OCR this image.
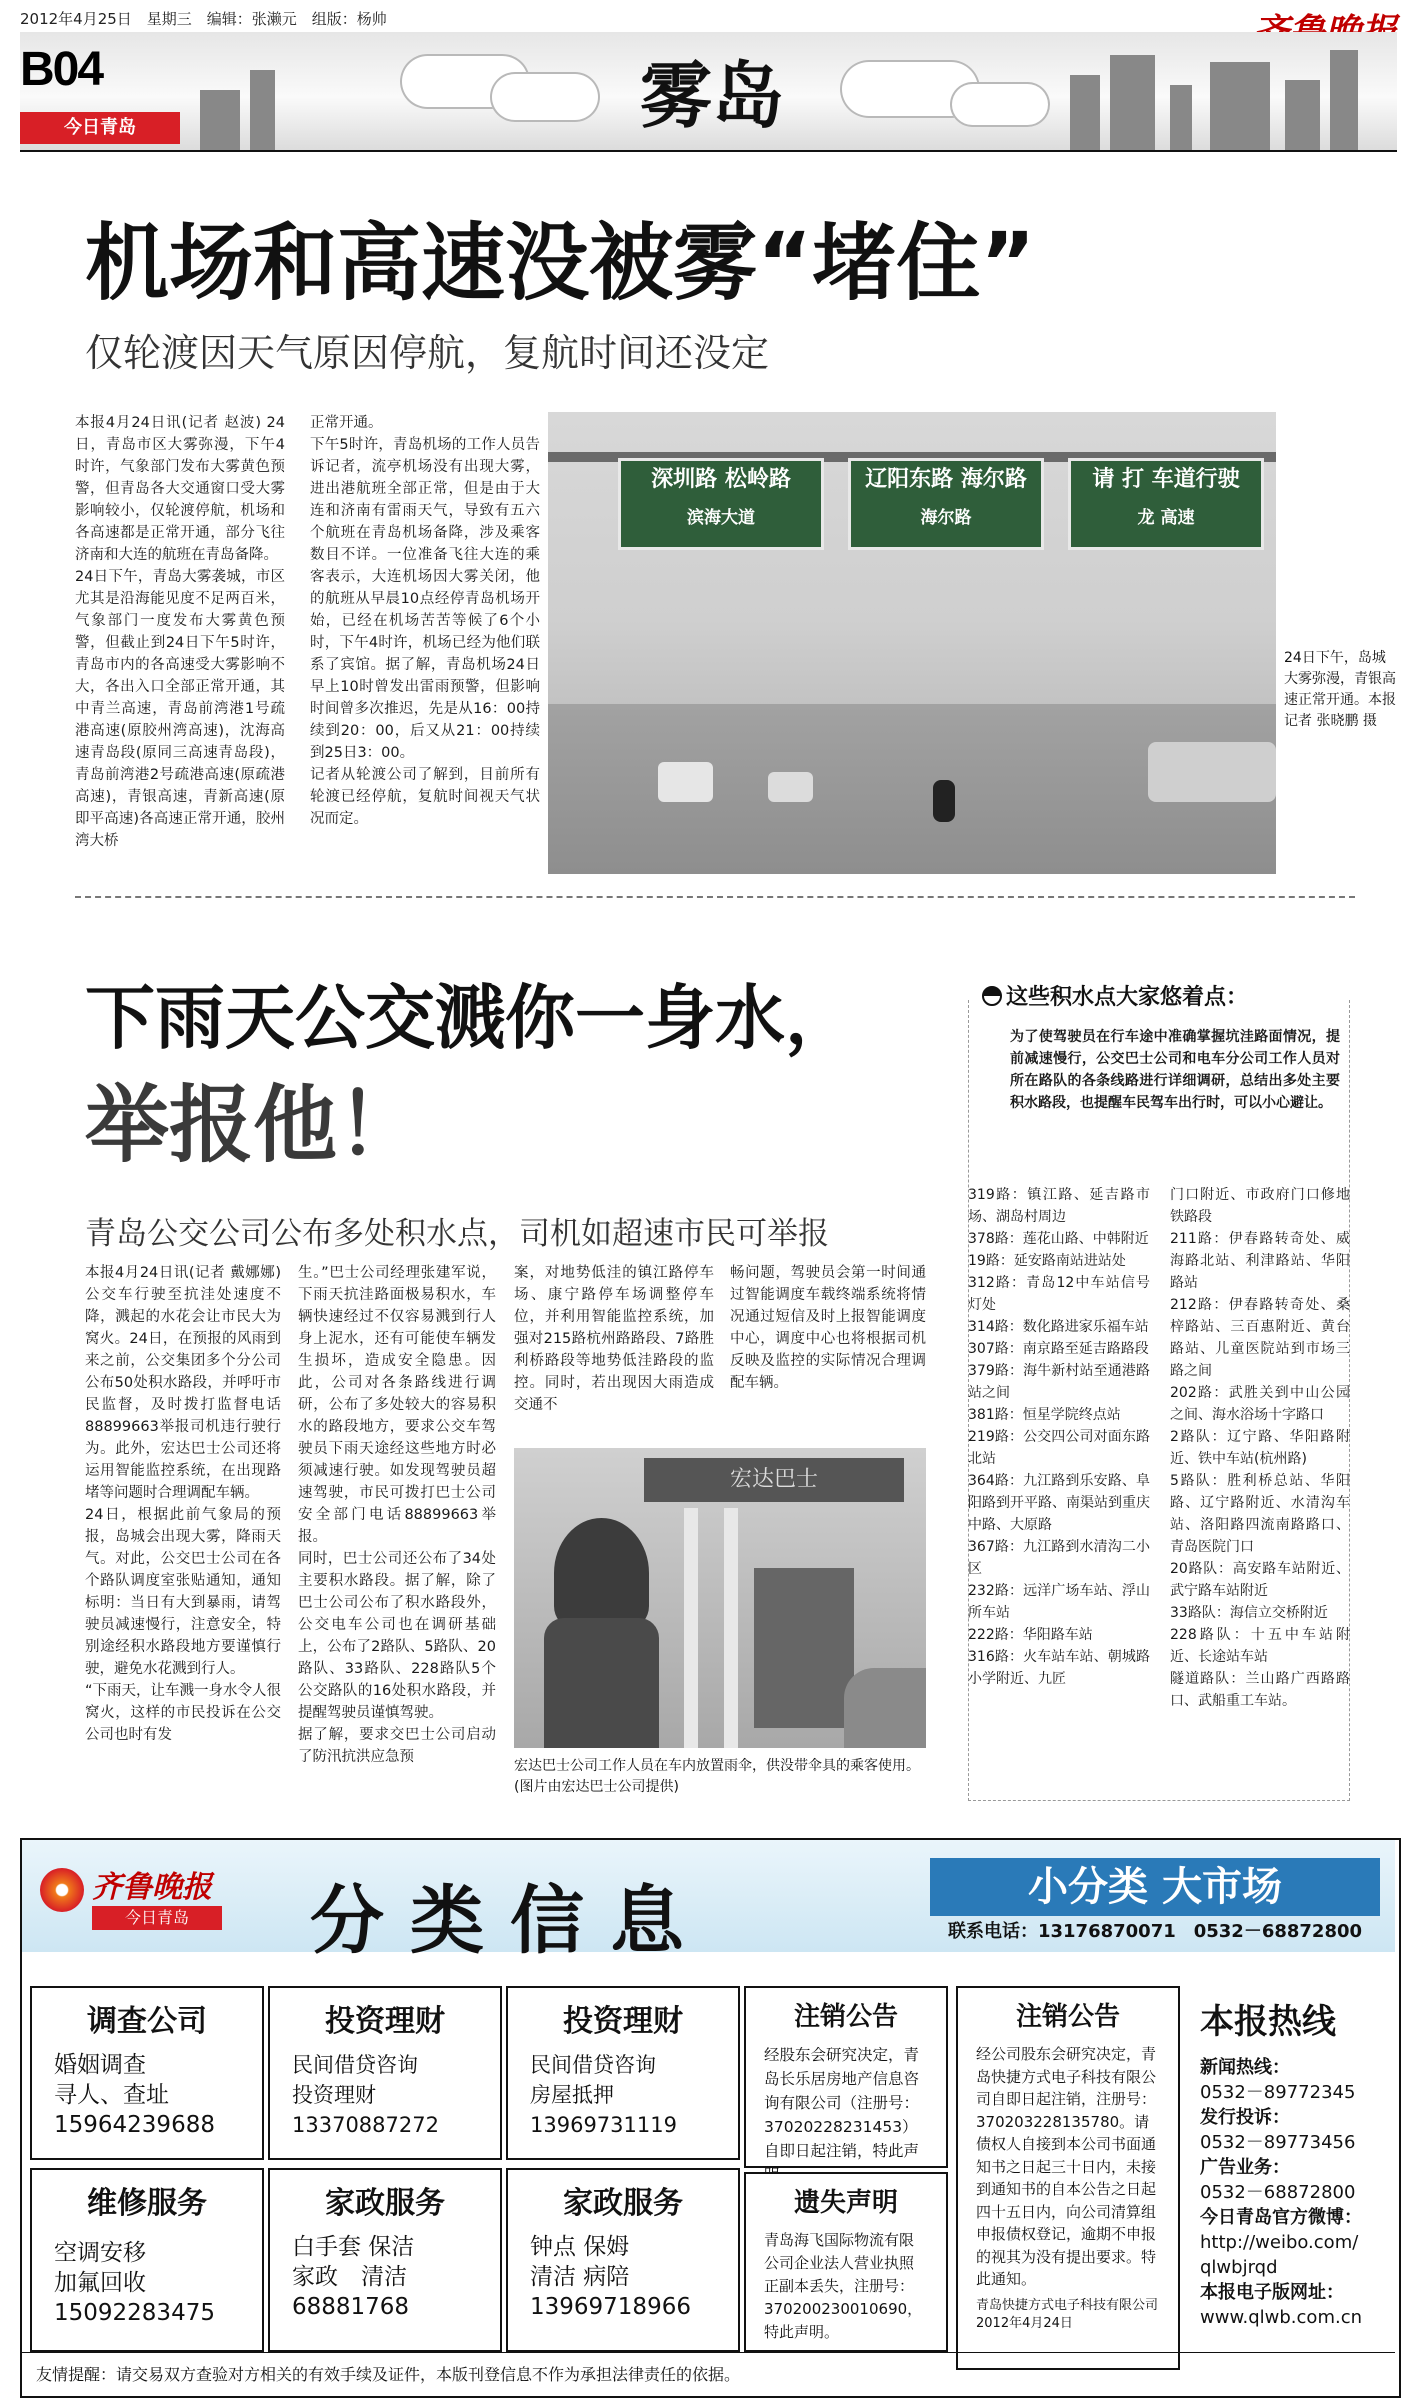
2012年4月25日　星期三　编辑：张濑元　组版：杨帅
B04
今日青岛	雾岛
机场和高速没被雾“堵住”
仅轮渡因天气原因停航，复航时间还没定
本报4月24日讯(记者 赵波) 24日，青岛市区大雾弥漫，下午4时许，气象部门发布大雾黄色预警，但青岛各大交通窗口受大雾影响较小，仅轮渡停航，机场和各高速都是正常开通，部分飞往济南和大连的航班在青岛备降。
24日下午，青岛大雾袭城，市区尤其是沿海能见度不足两百米，气象部门一度发布大雾黄色预警，但截止到24日下午5时许，青岛市内的各高速受大雾影响不大，各出入口全部正常开通，其中青兰高速，青岛前湾港1号疏港高速(原胶州湾高速)，沈海高速青岛段(原同三高速青岛段)，青岛前湾港2号疏港高速(原疏港高速)，青银高速，青新高速(原即平高速)各高速正常开通，胶州湾大桥
正常开通。
下午5时许，青岛机场的工作人员告诉记者，流亭机场没有出现大雾，进出港航班全部正常，但是由于大连和济南有雷雨天气，导致有五六个航班在青岛机场备降，涉及乘客数目不详。一位准备飞往大连的乘客表示，大连机场因大雾关闭，他的航班从早晨10点经停青岛机场开始，已经在机场苦苦等候了6个小时，下午4时许，机场已经为他们联系了宾馆。据了解，青岛机场24日早上10时曾发出雷雨预警，但影响时间曾多次推迟，先是从16：00持续到20：00，后又从21：00持续到25日3：00。
记者从轮渡公司了解到，目前所有轮渡已经停航，复航时间视天气状况而定。
深圳路 松岭路
滨海大道
辽阳东路 海尔路
海尔路
请 打 车道行驶
龙 高速
24日下午，岛城大雾弥漫，青银高速正常开通。本报记者 张晓鹏 摄
下雨天公交溅你一身水，
举报他！
青岛公交公司公布多处积水点，司机如超速市民可举报
本报4月24日讯(记者 戴娜娜) 公交车行驶至抗洼处速度不降，溅起的水花会让市民大为窝火。24日，在预报的风雨到来之前，公交集团多个分公司公布50处积水路段，并呼吁市民监督，及时拨打监督电话88899663举报司机违行驶行为。此外，宏达巴士公司还将运用智能监控系统，在出现路堵等问题时合理调配车辆。
24日，根据此前气象局的预报，岛城会出现大雾，降雨天气。对此，公交巴士公司在各个路队调度室张贴通知，通知标明：当日有大到暴雨，请驾驶员减速慢行，注意安全，特别途经积水路段地方要谨慎行驶，避免水花溅到行人。
“下雨天，让车溅一身水令人很窝火，这样的市民投诉在公交公司也时有发
生。”巴士公司经理张建军说，下雨天抗洼路面极易积水，车辆快速经过不仅容易溅到行人身上泥水，还有可能使车辆发生损坏，造成安全隐患。因此，公司对各条路线进行调研，公布了多处较大的容易积水的路段地方，要求公交车驾驶员下雨天途经这些地方时必须减速行驶。如发现驾驶员超速驾驶，市民可拨打巴士公司安全部门电话88899663举报。
同时，巴士公司还公布了34处主要积水路段。据了解，除了巴士公司公布了积水路段外，公交电车公司也在调研基础上，公布了2路队、5路队、20路队、33路队、228路队5个公交路队的16处积水路段，并提醒驾驶员谨慎驾驶。
据了解，要求交巴士公司启动了防汛抗洪应急预
案，对地势低洼的镇江路停车场、康宁路停车场调整停车位，并利用智能监控系统，加强对215路杭州路路段、7路胜利桥路段等地势低洼路段的监控。同时，若出现因大雨造成交通不
畅问题，驾驶员会第一时间通过智能调度车载终端系统将情况通过短信及时上报智能调度中心，调度中心也将根据司机反映及监控的实际情况合理调配车辆。
宏达巴士
宏达巴士公司工作人员在车内放置雨伞，供没带伞具的乘客使用。(图片由宏达巴士公司提供)
这些积水点大家悠着点：
为了使驾驶员在行车途中准确掌握坑洼路面情况，提前减速慢行，公交巴士公司和电车分公司工作人员对所在路队的各条线路进行详细调研，总结出多处主要积水路段，也提醒车民驾车出行时，可以小心避让。
319路：镇江路、延吉路市场、湖岛村周边
378路：莲花山路、中韩附近
19路：延安路南站进站处
312路：青岛12中车站信号灯处
314路：数化路进家乐福车站
307路：南京路至延吉路路段
379路：海牛新村站至通港路站之间
381路：恒星学院终点站
219路：公交四公司对面东路北站
364路：九江路到乐安路、阜阳路到开平路、南渠站到重庆中路、大原路
367路：九江路到水清沟二小区
232路：远洋广场车站、浮山所车站
222路：华阳路车站
316路：火车站车站、朝城路小学附近、九匠
门口附近、市政府门口修地铁路段
211路：伊春路转奇处、威海路北站、利津路站、华阳路站
212路：伊春路转奇处、桑梓路站、三百惠附近、黄台路站、儿童医院站到市场三路之间
202路：武胜关到中山公园之间、海水浴场十字路口
2路队：辽宁路、华阳路附近、铁中车站(杭州路)
5路队：胜利桥总站、华阳路、辽宁路附近、水清沟车站、洛阳路四流南路路口、青岛医院门口
20路队：高安路车站附近、武宁路车站附近
33路队：海信立交桥附近
228路队：十五中车站附近、长途站车站
隧道路队：兰山路广西路路口、武船重工车站。
齐鲁晚报
今日青岛	分类信息	小分类 大市场
联系电话：13176870071　0532－68872800
调查公司
婚姻调查
寻人、查址
15964239688
投资理财
民间借贷咨询
投资理财
13370887272
投资理财
民间借贷咨询
房屋抵押
13969731119
注销公告
经股东会研究决定，青岛长乐居房地产信息咨询有限公司（注册号：37020228231453）自即日起注销，特此声
注销公告
经公司股东会研究决定，青岛快捷方式电子科技有限公司自即日起注销，注册号：370203228135780。请债权人自接到本公司书面通知书之日起三十日内，未接到通知书的自本公告之日起四十五日内，向公司清算组申报债权登记，逾期不申报的视其为没有提出要求。特此通知。
青岛快捷方式电子科技有限公司　2012年4月24日
维修服务
空调安移
加氟回收
15092283475
家政服务
白手套 保洁
家政　清洁
68881768
家政服务
钟点 保姆
清洁 病陪
13969718966
遗失声明
青岛海飞国际物流有限公司企业法人营业执照正副本丢失，注册号：370200230010690，特此声明。
本报热线
新闻热线：
0532－89772345
发行投诉：
0532－89773456
广告业务：
0532－68872800
今日青岛官方微博：
http://weibo.com/qlwbjrqd
本报电子版网址：
www.qlwb.com.cn
友情提醒：请交易双方查验对方相关的有效手续及证件，本版刊登信息不作为承担法律责任的依据。
